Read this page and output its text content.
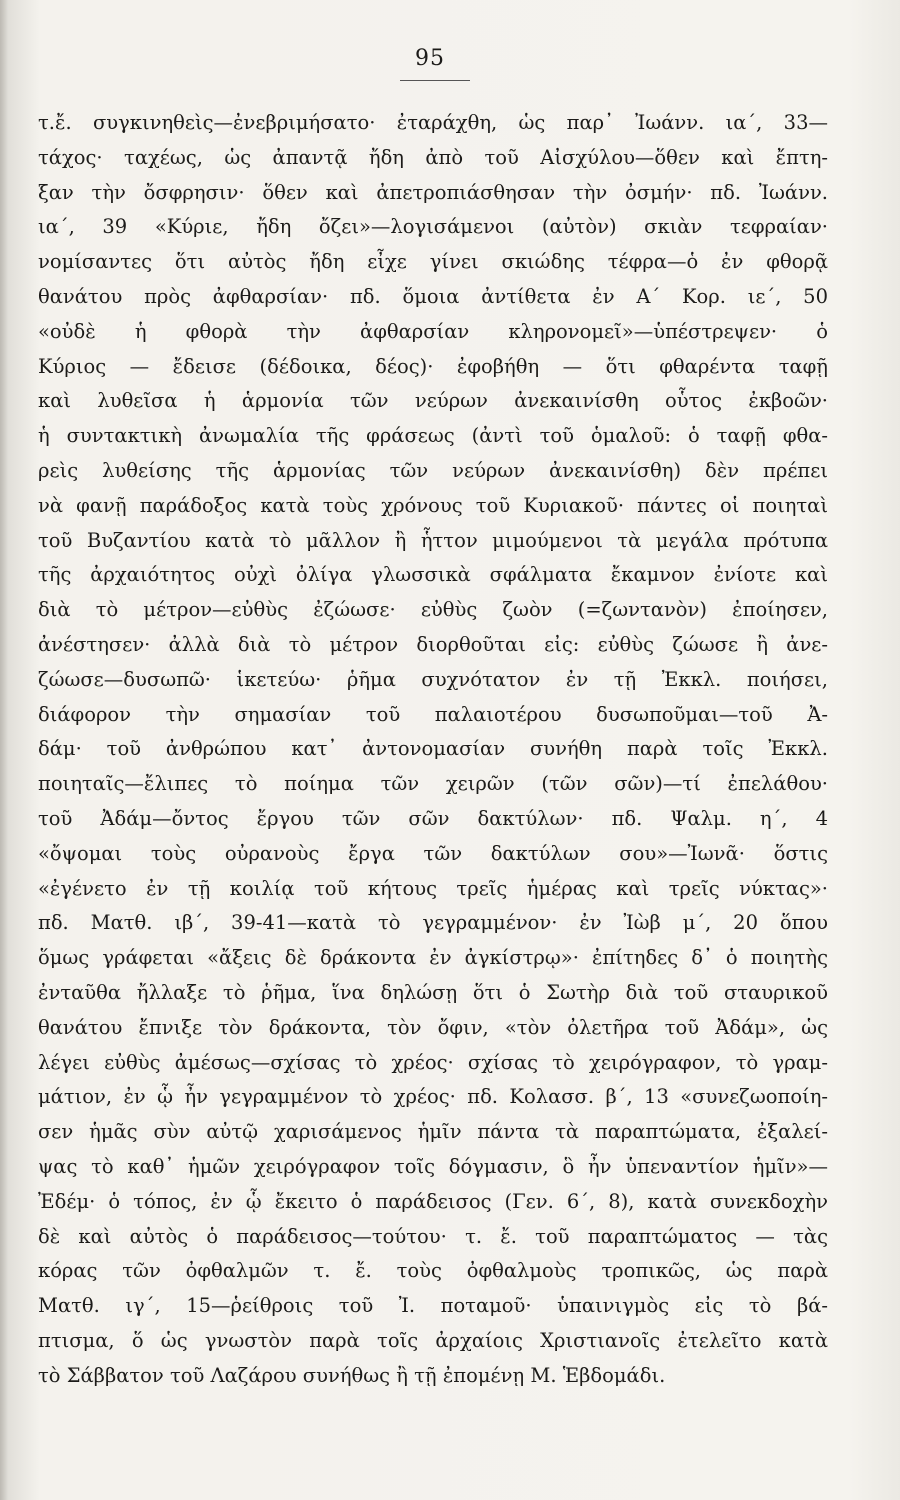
95
τ.ἔ. συγκινηθεὶς—ἐνεβριμήσατο· ἐταράχθη, ὡς παρ᾽ Ἰωάνν. ια΄, 33—
τάχος· ταχέως, ὡς ἀπαντᾷ ἤδη ἀπὸ τοῦ Αἰσχύλου—ὅθεν καὶ ἔπτη-
ξαν τὴν ὄσφρησιν· ὅθεν καὶ ἀπετροπιάσθησαν τὴν ὀσμήν· πδ. Ἰωάνν.
ια΄, 39 «Κύριε, ἤδη ὄζει»—λογισάμενοι (αὐτὸν) σκιὰν τεφραίαν·
νομίσαντες ὅτι αὐτὸς ἤδη εἶχε γίνει σκιώδης τέφρα—ὁ ἐν φθορᾷ
θανάτου πρὸς ἀφθαρσίαν· πδ. ὅμοια ἀντίθετα ἐν Α΄ Κορ. ιε΄, 50
«οὐδὲ ἡ φθορὰ τὴν ἀφθαρσίαν κληρονομεῖ»—ὑπέστρεψεν· ὁ
Κύριος — ἔδεισε (δέδοικα, δέος)· ἐφοβήθη — ὅτι φθαρέντα ταφῇ
καὶ λυθεῖσα ἡ ἁρμονία τῶν νεύρων ἀνεκαινίσθη οὗτος ἐκβοῶν·
ἡ συντακτικὴ ἀνωμαλία τῆς φράσεως (ἀντὶ τοῦ ὁμαλοῦ: ὁ ταφῇ φθα-
ρεὶς λυθείσης τῆς ἁρμονίας τῶν νεύρων ἀνεκαινίσθη) δὲν πρέπει
νὰ φανῇ παράδοξος κατὰ τοὺς χρόνους τοῦ Κυριακοῦ· πάντες οἱ ποιηταὶ
τοῦ Βυζαντίου κατὰ τὸ μᾶλλον ἢ ἧττον μιμούμενοι τὰ μεγάλα πρότυπα
τῆς ἀρχαιότητος οὐχὶ ὀλίγα γλωσσικὰ σφάλματα ἔκαμνον ἐνίοτε καὶ
διὰ τὸ μέτρον—εὐθὺς ἐζώωσε· εὐθὺς ζωὸν (=ζωντανὸν) ἐποίησεν,
ἀνέστησεν· ἀλλὰ διὰ τὸ μέτρον διορθοῦται εἰς: εὐθὺς ζώωσε ἢ ἀνε-
ζώωσε—δυσωπῶ· ἱκετεύω· ῥῆμα συχνότατον ἐν τῇ Ἐκκλ. ποιήσει,
διάφορον τὴν σημασίαν τοῦ παλαιοτέρου δυσωποῦμαι—τοῦ Ἀ-
δάμ· τοῦ ἀνθρώπου κατ᾽ ἀντονομασίαν συνήθη παρὰ τοῖς Ἐκκλ.
ποιηταῖς—ἔλιπες τὸ ποίημα τῶν χειρῶν (τῶν σῶν)—τί ἐπελάθου·
τοῦ Ἀδάμ—ὄντος ἔργου τῶν σῶν δακτύλων· πδ. Ψαλμ. η΄, 4
«ὄψομαι τοὺς οὐρανοὺς ἔργα τῶν δακτύλων σου»—Ἰωνᾶ· ὅστις
«ἐγένετο ἐν τῇ κοιλίᾳ τοῦ κήτους τρεῖς ἡμέρας καὶ τρεῖς νύκτας»·
πδ. Ματθ. ιβ΄, 39-41—κατὰ τὸ γεγραμμένον· ἐν Ἰὼβ μ΄, 20 ὅπου
ὅμως γράφεται «ἄξεις δὲ δράκοντα ἐν ἀγκίστρῳ»· ἐπίτηδες δ᾽ ὁ ποιητὴς
ἐνταῦθα ἤλλαξε τὸ ῥῆμα, ἵνα δηλώσῃ ὅτι ὁ Σωτὴρ διὰ τοῦ σταυρικοῦ
θανάτου ἔπνιξε τὸν δράκοντα, τὸν ὄφιν, «τὸν ὀλετῆρα τοῦ Ἀδάμ», ὡς
λέγει εὐθὺς ἀμέσως—σχίσας τὸ χρέος· σχίσας τὸ χειρόγραφον, τὸ γραμ-
μάτιον, ἐν ᾧ ἦν γεγραμμένον τὸ χρέος· πδ. Κολασσ. β΄, 13 «συνεζωοποίη-
σεν ἡμᾶς σὺν αὐτῷ χαρισάμενος ἡμῖν πάντα τὰ παραπτώματα, ἐξαλεί-
ψας τὸ καθ᾽ ἡμῶν χειρόγραφον τοῖς δόγμασιν, ὃ ἦν ὑπεναντίον ἡμῖν»—
Ἐδέμ· ὁ τόπος, ἐν ᾧ ἔκειτο ὁ παράδεισος (Γεν. 6΄, 8), κατὰ συνεκδοχὴν
δὲ καὶ αὐτὸς ὁ παράδεισος—τούτου· τ. ἔ. τοῦ παραπτώματος — τὰς
κόρας τῶν ὀφθαλμῶν τ. ἔ. τοὺς ὀφθαλμοὺς τροπικῶς, ὡς παρὰ
Ματθ. ιγ΄, 15—ῥείθροις τοῦ Ἰ. ποταμοῦ· ὑπαινιγμὸς εἰς τὸ βά-
πτισμα, ὅ ὡς γνωστὸν παρὰ τοῖς ἀρχαίοις Χριστιανοῖς ἐτελεῖτο κατὰ
τὸ Σάββατον τοῦ Λαζάρου συνήθως ἢ τῇ ἐπομένῃ Μ. Ἑβδομάδι.
